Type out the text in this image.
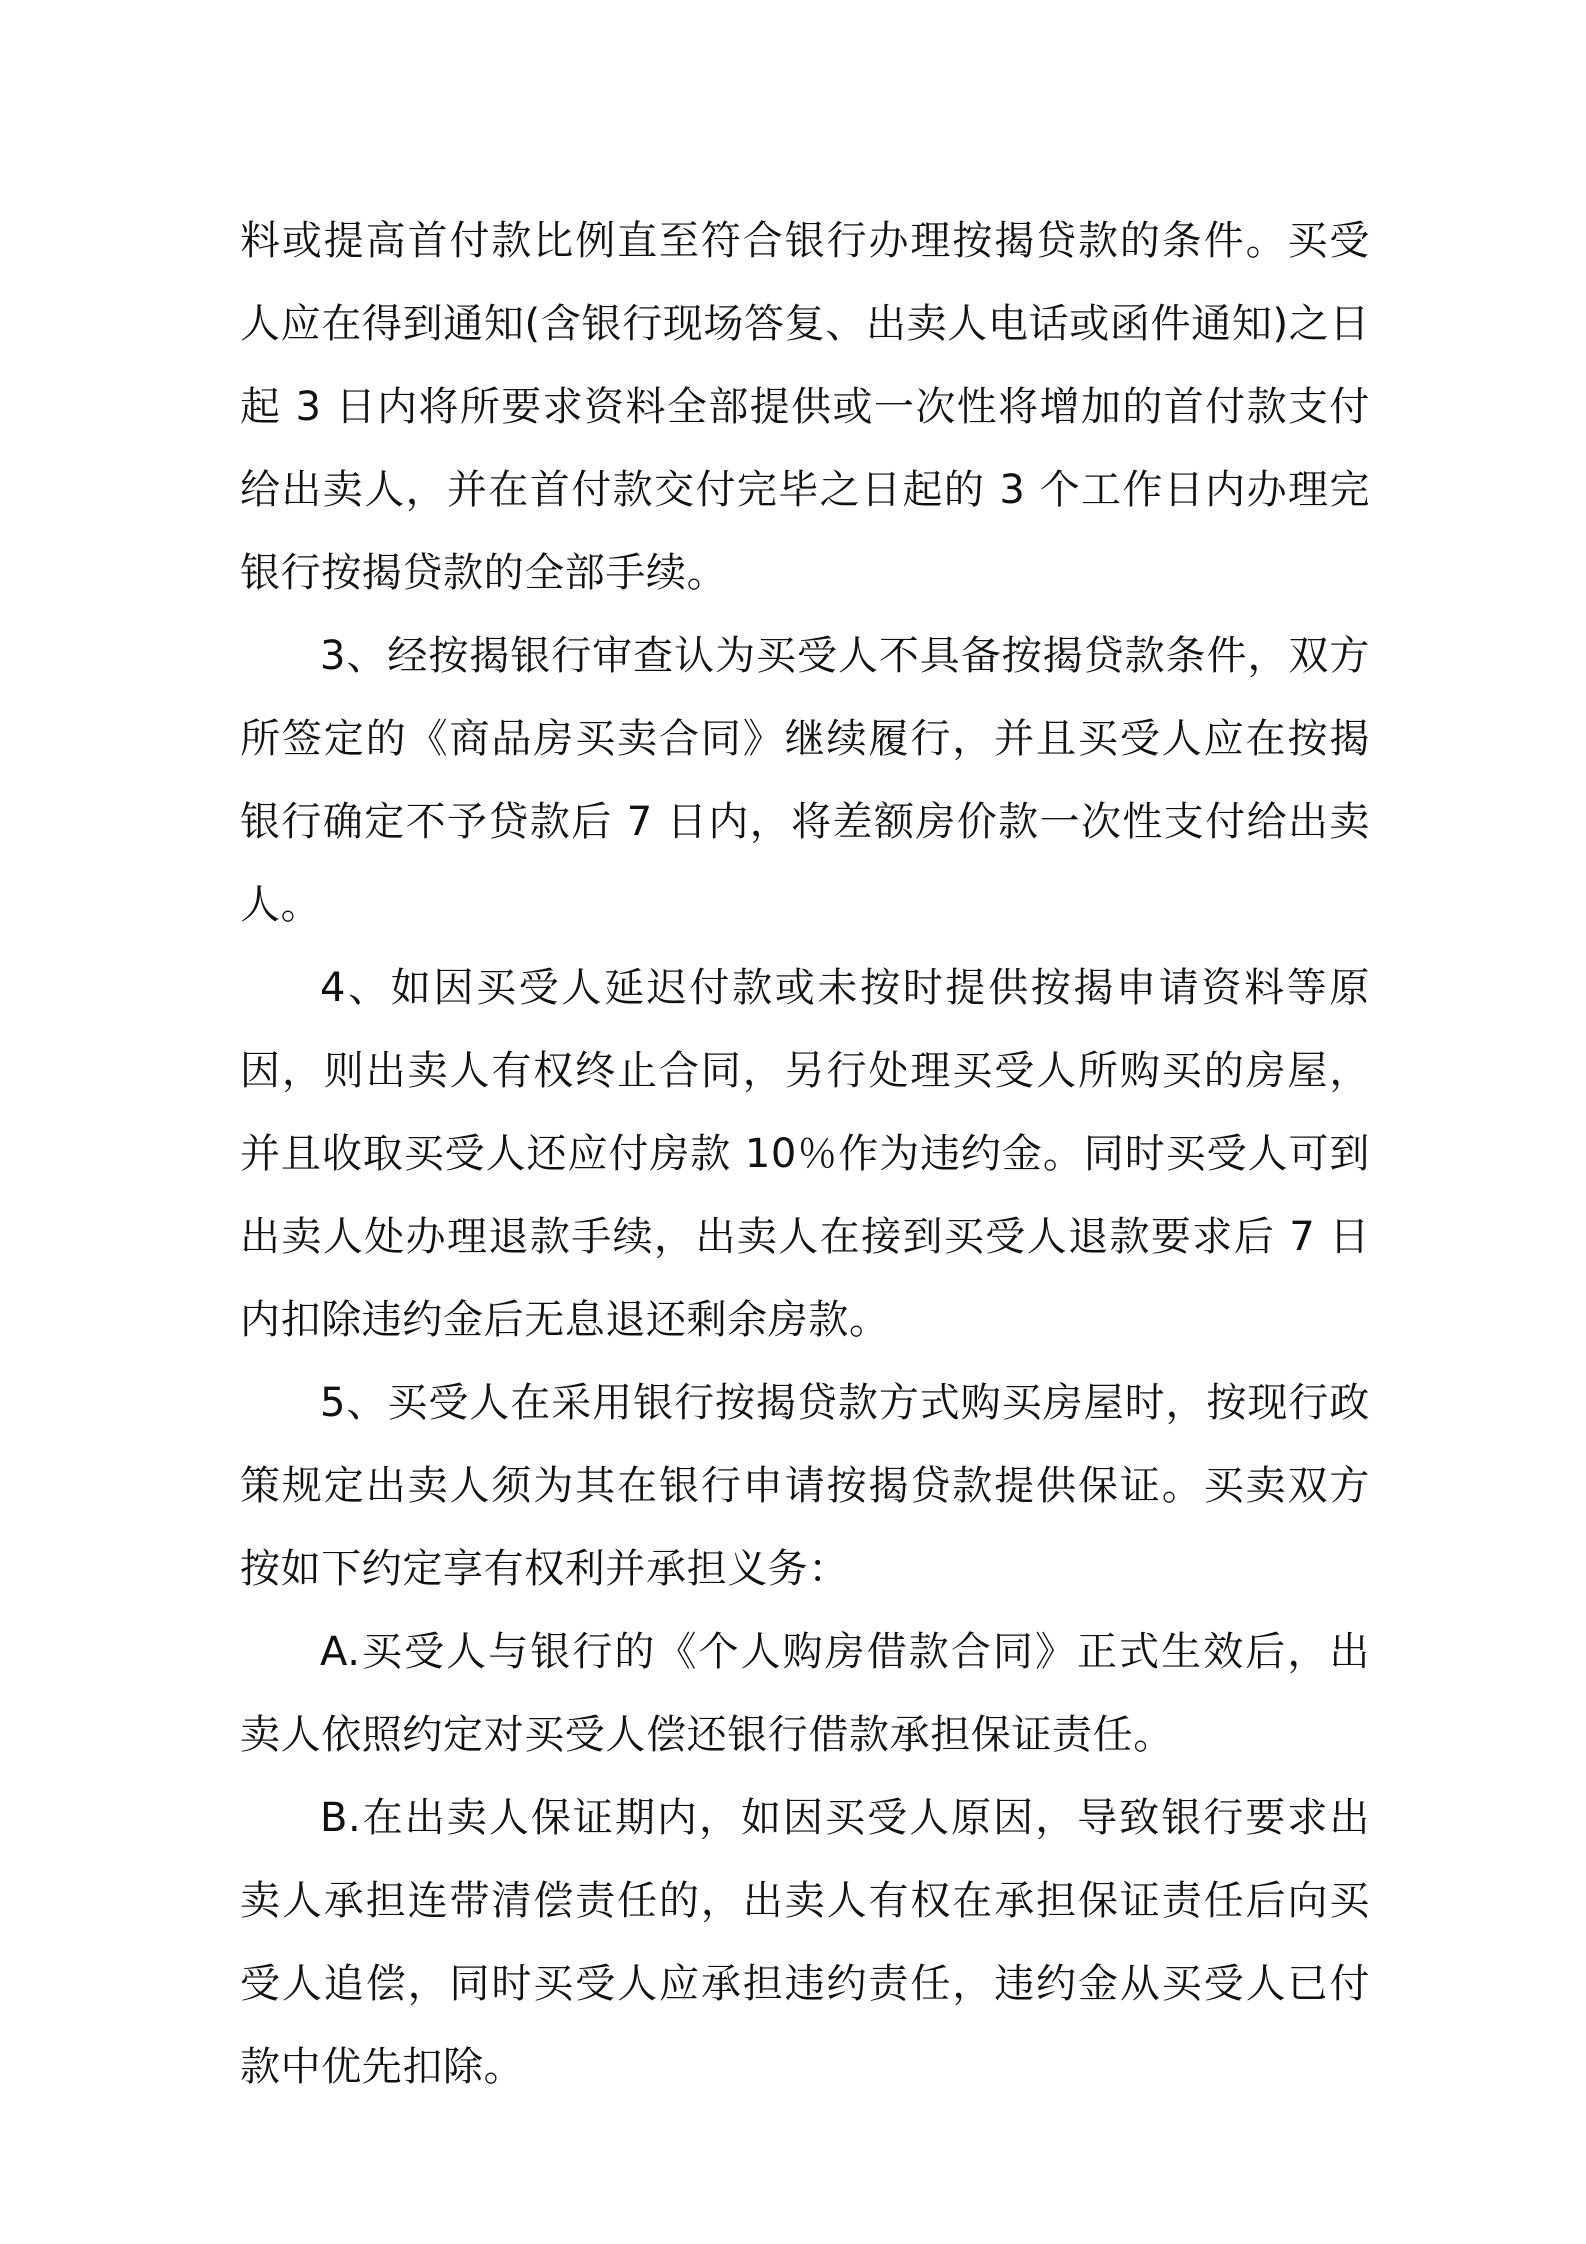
料或提高首付款比例直至符合银行办理按揭贷款的条件。买受人应在得到通知(含银行现场答复、出卖人电话或函件通知)之日起 3 日内将所要求资料全部提供或一次性将增加的首付款支付给出卖人，并在首付款交付完毕之日起的 3 个工作日内办理完银行按揭贷款的全部手续。

3、经按揭银行审查认为买受人不具备按揭贷款条件，双方所签定的《商品房买卖合同》继续履行，并且买受人应在按揭银行确定不予贷款后 7 日内，将差额房价款一次性支付给出卖人。

4、如因买受人延迟付款或未按时提供按揭申请资料等原因，则出卖人有权终止合同，另行处理买受人所购买的房屋，并且收取买受人还应付房款 10％作为违约金。同时买受人可到出卖人处办理退款手续，出卖人在接到买受人退款要求后 7 日内扣除违约金后无息退还剩余房款。

5、买受人在采用银行按揭贷款方式购买房屋时，按现行政策规定出卖人须为其在银行申请按揭贷款提供保证。买卖双方按如下约定享有权利并承担义务：

A.买受人与银行的《个人购房借款合同》正式生效后，出卖人依照约定对买受人偿还银行借款承担保证责任。

B.在出卖人保证期内，如因买受人原因，导致银行要求出卖人承担连带清偿责任的，出卖人有权在承担保证责任后向买受人追偿，同时买受人应承担违约责任，违约金从买受人已付款中优先扣除。
